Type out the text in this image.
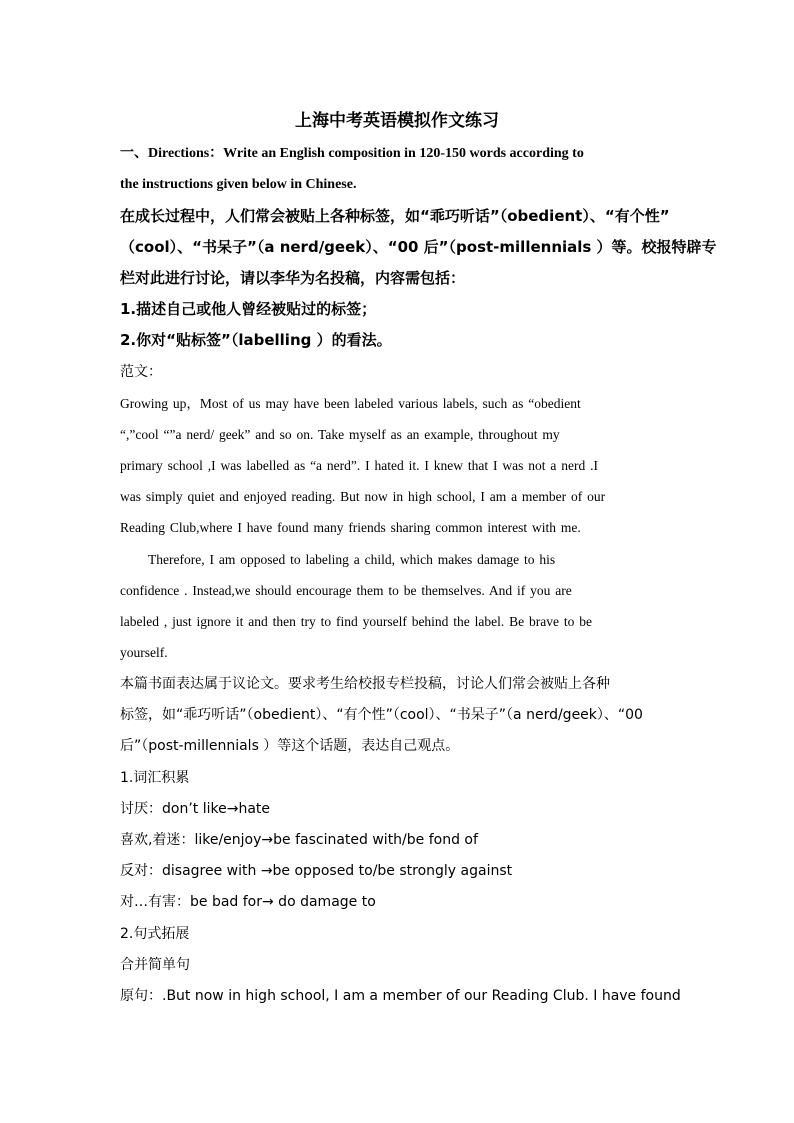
上海中考英语模拟作文练习
一、Directions：Write an English composition in 120-150 words according to
the instructions given below in Chinese.
在成长过程中，人们常会被贴上各种标签，如“乖巧听话”（obedient）、“有个性”
（cool）、“书呆子”（a nerd/geek）、“00 后”（post-millennials ）等。校报特辟专
栏对此进行讨论，请以李华为名投稿，内容需包括：
1.描述自己或他人曾经被贴过的标签；
2.你对“贴标签”（labelling ）的看法。
范文：
Growing up，Most of us may have been labeled various labels, such as “obedient
“,”cool “”a nerd/ geek” and so on. Take myself as an example, throughout my
primary school ,I was labelled as “a nerd”. I hated it. I knew that I was not a nerd .I
was simply quiet and enjoyed reading. But now in high school, I am a member of our
Reading Club,where I have found many friends sharing common interest with me.
Therefore, I am opposed to labeling a child, which makes damage to his
confidence . Instead,we should encourage them to be themselves. And if you are
labeled , just ignore it and then try to find yourself behind the label. Be brave to be
yourself.
本篇书面表达属于议论文。要求考生给校报专栏投稿，讨论人们常会被贴上各种
标签，如“乖巧听话”（obedient）、“有个性”（cool）、“书呆子”（a nerd/geek）、“00
后”（post-millennials ）等这个话题，表达自己观点。
1.词汇积累
讨厌：don’t like→hate
喜欢,着迷：like/enjoy→be fascinated with/be fond of
反对：disagree with →be opposed to/be strongly against
对…有害：be bad for→ do damage to
2.句式拓展
合并简单句
原句：.But now in high school, I am a member of our Reading Club. I have found
